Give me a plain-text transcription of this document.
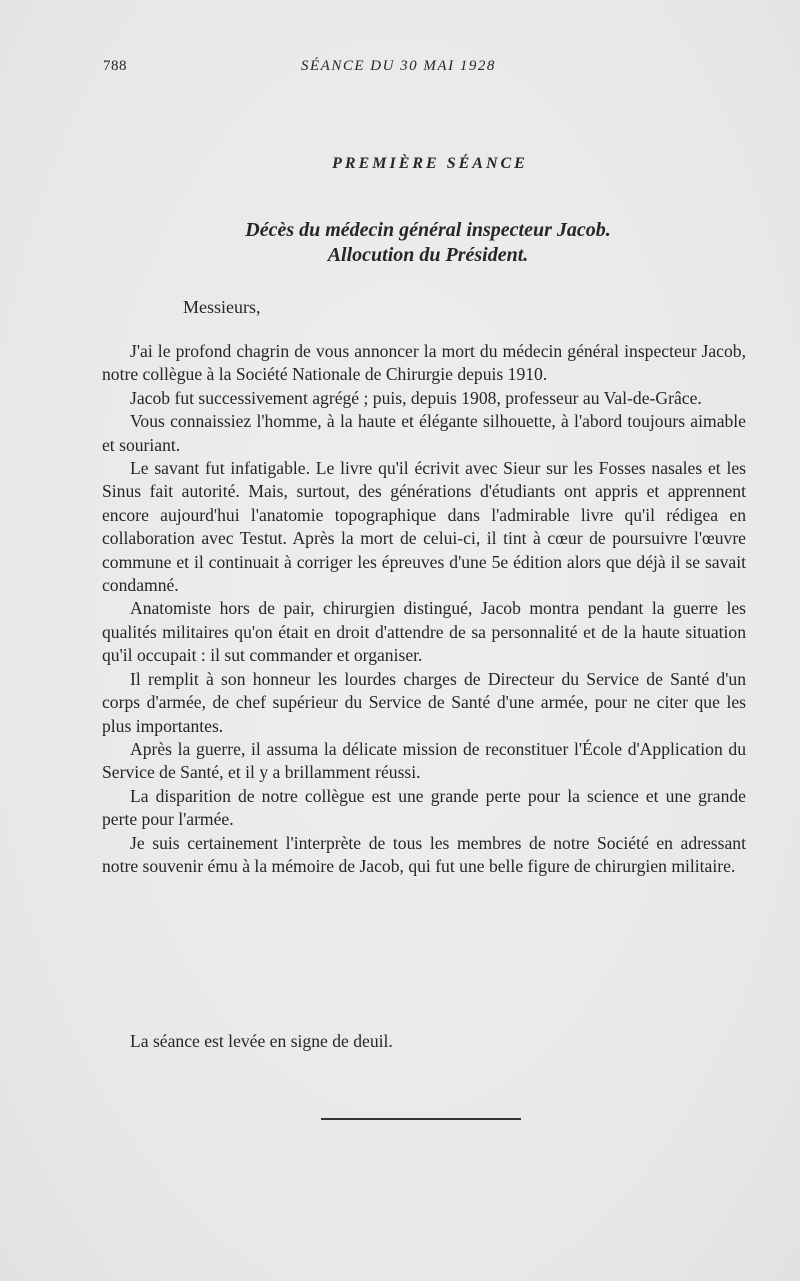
788	SÉANCE DU 30 MAI 1928
PREMIÈRE SÉANCE
Décès du médecin général inspecteur Jacob.
Allocution du Président.
Messieurs,

J'ai le profond chagrin de vous annoncer la mort du médecin général inspecteur Jacob, notre collègue à la Société Nationale de Chirurgie depuis 1910.

Jacob fut successivement agrégé ; puis, depuis 1908, professeur au Val-de-Grâce.

Vous connaissiez l'homme, à la haute et élégante silhouette, à l'abord toujours aimable et souriant.

Le savant fut infatigable. Le livre qu'il écrivit avec Sieur sur les Fosses nasales et les Sinus fait autorité. Mais, surtout, des générations d'étudiants ont appris et apprennent encore aujourd'hui l'anatomie topographique dans l'admirable livre qu'il rédigea en collaboration avec Testut. Après la mort de celui-ci, il tint à cœur de poursuivre l'œuvre commune et il continuait à corriger les épreuves d'une 5e édition alors que déjà il se savait condamné.

Anatomiste hors de pair, chirurgien distingué, Jacob montra pendant la guerre les qualités militaires qu'on était en droit d'attendre de sa personnalité et de la haute situation qu'il occupait : il sut commander et organiser.

Il remplit à son honneur les lourdes charges de Directeur du Service de Santé d'un corps d'armée, de chef supérieur du Service de Santé d'une armée, pour ne citer que les plus importantes.

Après la guerre, il assuma la délicate mission de reconstituer l'École d'Application du Service de Santé, et il y a brillamment réussi.

La disparition de notre collègue est une grande perte pour la science et une grande perte pour l'armée.

Je suis certainement l'interprète de tous les membres de notre Société en adressant notre souvenir ému à la mémoire de Jacob, qui fut une belle figure de chirurgien militaire.

La séance est levée en signe de deuil.
